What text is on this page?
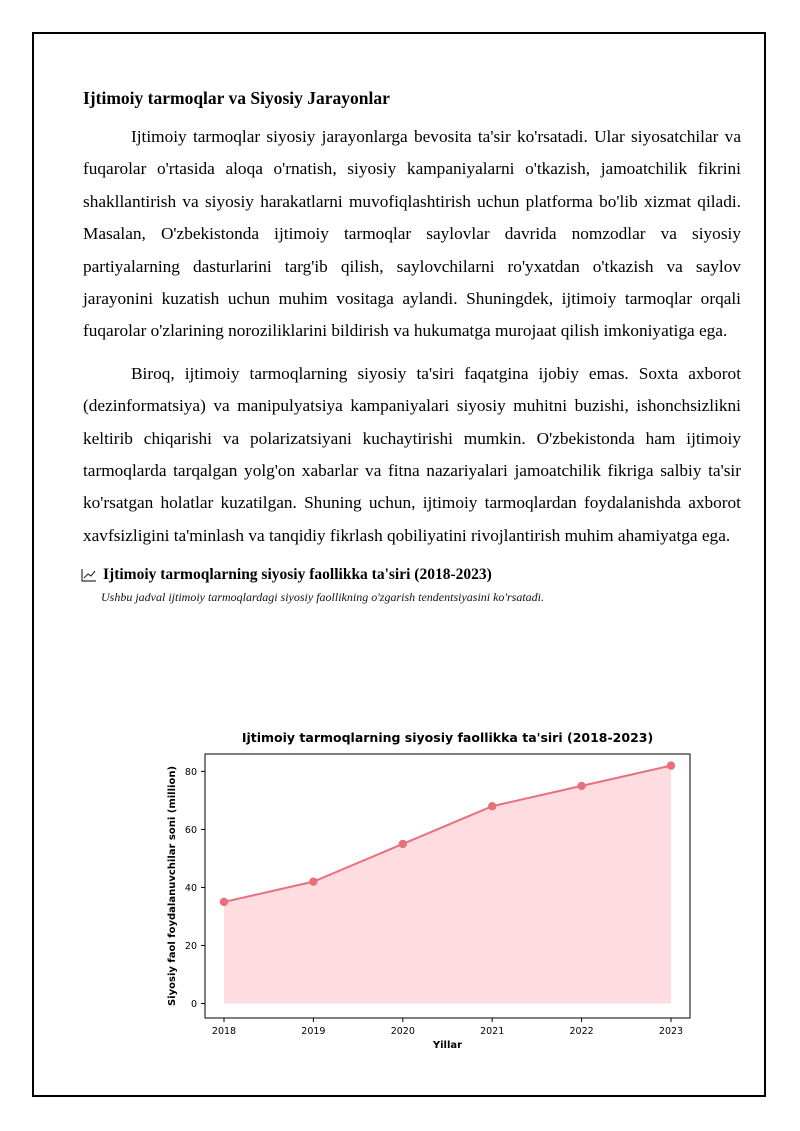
Ijtimoiy tarmoqlar va Siyosiy Jarayonlar

Ijtimoiy tarmoqlar siyosiy jarayonlarga bevosita ta'sir ko'rsatadi. Ular siyosatchilar va fuqarolar o'rtasida aloqa o'rnatish, siyosiy kampaniyalarni o'tkazish, jamoatchilik fikrini shakllantirish va siyosiy harakatlarni muvofiqlashtirish uchun platforma bo'lib xizmat qiladi. Masalan, O'zbekistonda ijtimoiy tarmoqlar saylovlar davrida nomzodlar va siyosiy partiyalarning dasturlarini targ'ib qilish, saylovchilarni ro'yxatdan o'tkazish va saylov jarayonini kuzatish uchun muhim vositaga aylandi. Shuningdek, ijtimoiy tarmoqlar orqali fuqarolar o'zlarining noroziliklarini bildirish va hukumatga murojaat qilish imkoniyatiga ega.

Biroq, ijtimoiy tarmoqlarning siyosiy ta'siri faqatgina ijobiy emas. Soxta axborot (dezinformatsiya) va manipulyatsiya kampaniyalari siyosiy muhitni buzishi, ishonchsizlikni keltirib chiqarishi va polarizatsiyani kuchaytirishi mumkin. O'zbekistonda ham ijtimoiy tarmoqlarda tarqalgan yolg'on xabarlar va fitna nazariyalari jamoatchilik fikriga salbiy ta'sir ko'rsatgan holatlar kuzatilgan. Shuning uchun, ijtimoiy tarmoqlardan foydalanishda axborot xavfsizligini ta'minlash va tanqidiy fikrlash qobiliyatini rivojlantirish muhim ahamiyatga ega.

Ijtimoiy tarmoqlarning siyosiy faollikka ta'siri (2018-2023)
Ushbu jadval ijtimoiy tarmoqlardagi siyosiy faollikning o'zgarish tendentsiyasini ko'rsatadi.
Ijtimoiy tarmoqlarning siyosiy faollikka ta'siri (2018-2023)
0
20
40
60
80
2018	2019	2020	2021	2022	2023
Yillar
Siyosiy faol foydalanuvchilar soni (million)
